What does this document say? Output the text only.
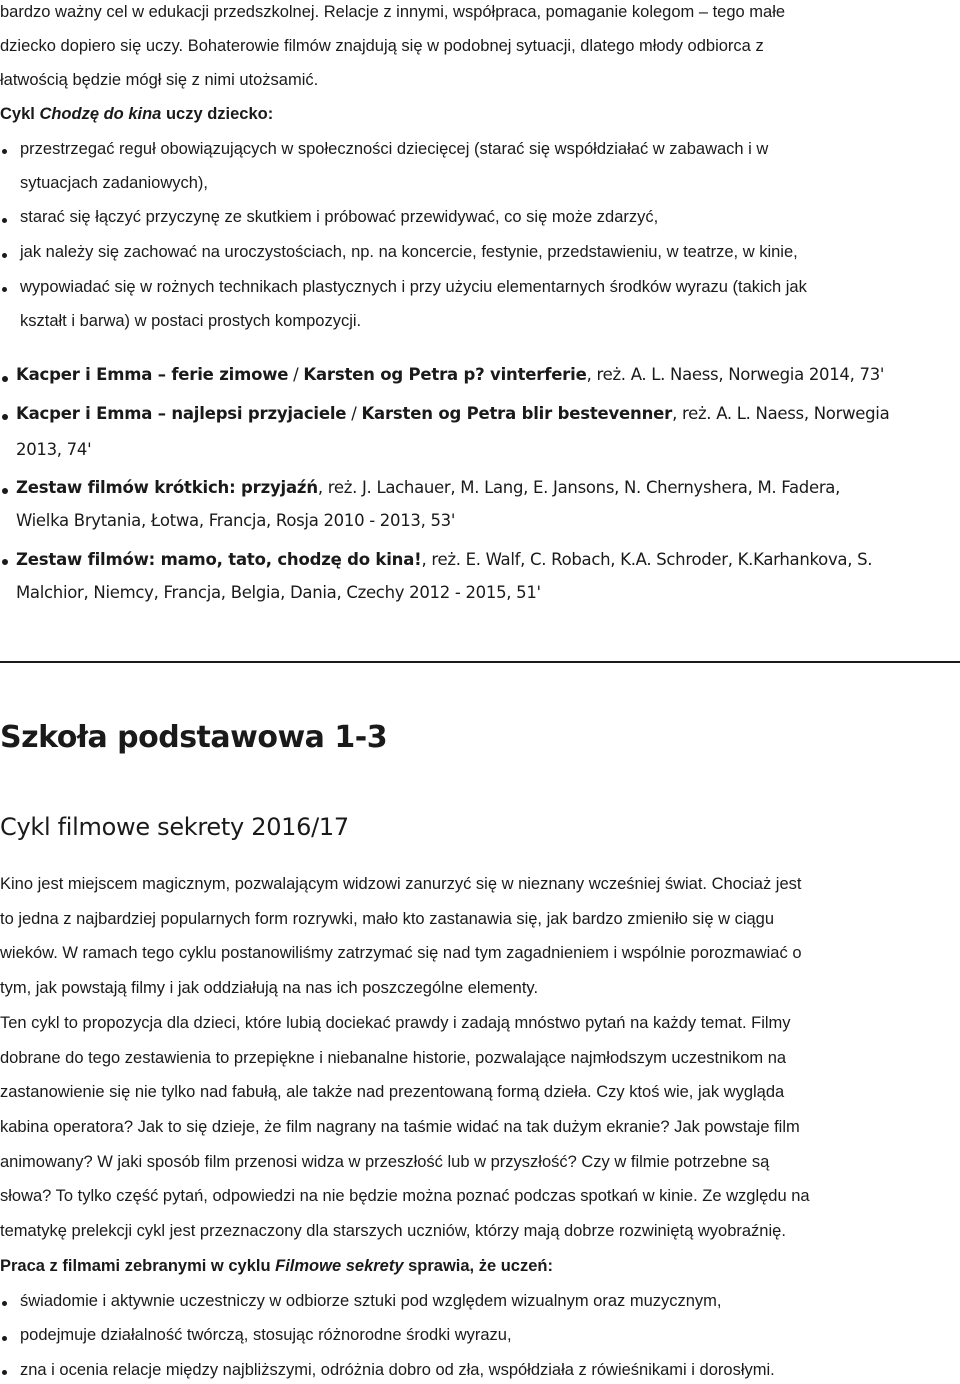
bardzo ważny cel w edukacji przedszkolnej. Relacje z innymi, współpraca, pomaganie kolegom – tego małe
dziecko dopiero się uczy. Bohaterowie filmów znajdują się w podobnej sytuacji, dlatego młody odbiorca z
łatwością będzie mógł się z nimi utożsamić.
Cykl Chodzę do kina uczy dziecko:
przestrzegać reguł obowiązujących w społeczności dziecięcej (starać się współdziałać w zabawach i w
sytuacjach zadaniowych),
starać się łączyć przyczynę ze skutkiem i próbować przewidywać, co się może zdarzyć,
jak należy się zachować na uroczystościach, np. na koncercie, festynie, przedstawieniu, w teatrze, w kinie,
wypowiadać się w rożnych technikach plastycznych i przy użyciu elementarnych środków wyrazu (takich jak
kształt i barwa) w postaci prostych kompozycji.
Kacper i Emma – ferie zimowe / Karsten og Petra p? vinterferie, reż. A. L. Naess, Norwegia 2014, 73'
Kacper i Emma – najlepsi przyjaciele / Karsten og Petra blir bestevenner, reż. A. L. Naess, Norwegia
2013, 74'
Zestaw filmów krótkich: przyjaźń, reż. J. Lachauer, M. Lang, E. Jansons, N. Chernyshera, M. Fadera,
Wielka Brytania, Łotwa, Francja, Rosja 2010 - 2013, 53'
Zestaw filmów: mamo, tato, chodzę do kina!, reż. E. Walf, C. Robach, K.A. Schroder, K.Karhankova, S.
Malchior, Niemcy, Francja, Belgia, Dania, Czechy 2012 - 2015, 51'
Szkoła podstawowa 1-3
Cykl filmowe sekrety 2016/17
Kino jest miejscem magicznym, pozwalającym widzowi zanurzyć się w nieznany wcześniej świat. Chociaż jest
to jedna z najbardziej popularnych form rozrywki, mało kto zastanawia się, jak bardzo zmieniło się w ciągu
wieków. W ramach tego cyklu postanowiliśmy zatrzymać się nad tym zagadnieniem i wspólnie porozmawiać o
tym, jak powstają filmy i jak oddziałują na nas ich poszczególne elementy.
Ten cykl to propozycja dla dzieci, które lubią dociekać prawdy i zadają mnóstwo pytań na każdy temat. Filmy
dobrane do tego zestawienia to przepiękne i niebanalne historie, pozwalające najmłodszym uczestnikom na
zastanowienie się nie tylko nad fabułą, ale także nad prezentowaną formą dzieła. Czy ktoś wie, jak wygląda
kabina operatora? Jak to się dzieje, że film nagrany na taśmie widać na tak dużym ekranie? Jak powstaje film
animowany? W jaki sposób film przenosi widza w przeszłość lub w przyszłość? Czy w filmie potrzebne są
słowa? To tylko część pytań, odpowiedzi na nie będzie można poznać podczas spotkań w kinie. Ze względu na
tematykę prelekcji cykl jest przeznaczony dla starszych uczniów, którzy mają dobrze rozwiniętą wyobraźnię.
Praca z filmami zebranymi w cyklu Filmowe sekrety sprawia, że uczeń:
świadomie i aktywnie uczestniczy w odbiorze sztuki pod względem wizualnym oraz muzycznym,
podejmuje działalność twórczą, stosując różnorodne środki wyrazu,
zna i ocenia relacje między najbliższymi, odróżnia dobro od zła, współdziała z rówieśnikami i dorosłymi.
